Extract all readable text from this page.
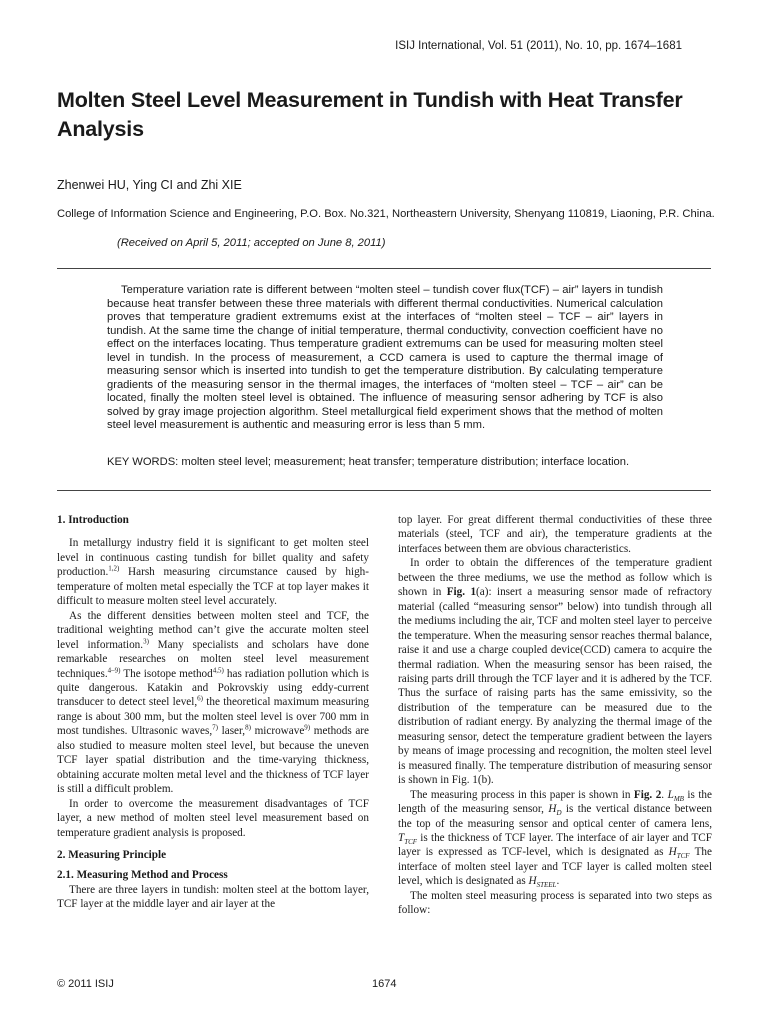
ISIJ International, Vol. 51 (2011), No. 10, pp. 1674–1681
Molten Steel Level Measurement in Tundish with Heat Transfer Analysis
Zhenwei HU, Ying CI and Zhi XIE
College of Information Science and Engineering, P.O. Box. No.321, Northeastern University, Shenyang 110819, Liaoning, P.R. China.
(Received on April 5, 2011; accepted on June 8, 2011)

Temperature variation rate is different between “molten steel – tundish cover flux(TCF) – air” layers in tundish because heat transfer between these three materials with different thermal conductivities. Numerical calculation proves that temperature gradient extremums exist at the interfaces of “molten steel – TCF – air” layers in tundish. At the same time the change of initial temperature, thermal conductivity, convection coefficient have no effect on the interfaces locating. Thus temperature gradient extremums can be used for measuring molten steel level in tundish. In the process of measurement, a CCD camera is used to capture the thermal image of measuring sensor which is inserted into tundish to get the temperature distribution. By calculating temperature gradients of the measuring sensor in the thermal images, the interfaces of “molten steel – TCF – air” can be located, finally the molten steel level is obtained. The influence of measuring sensor adhering by TCF is also solved by gray image projection algorithm. Steel metallurgical field experiment shows that the method of molten steel level measurement is authentic and measuring error is less than 5 mm.

KEY WORDS: molten steel level; measurement; heat transfer; temperature distribution; interface location.
1. Introduction

In metallurgy industry field it is significant to get molten steel level in continuous casting tundish for billet quality and safety production.$^{1,2)}$ Harsh measuring circumstance caused by high-temperature of molten metal especially the TCF at top layer makes it difficult to measure molten steel level accurately.

As the different densities between molten steel and TCF, the traditional weighting method can’t give the accurate molten steel level information.$^{3)}$ Many specialists and scholars have done remarkable researches on molten steel level measurement techniques.$^{4-9)}$ The isotope method$^{4,5)}$ has radiation pollution which is quite dangerous. Katakin and Pokrovskiy using eddy-current transducer to detect steel level,$^{6)}$ the theoretical maximum measuring range is about 300 mm, but the molten steel level is over 700 mm in most tundishes. Ultrasonic waves,$^{7)}$ laser,$^{8)}$ microwave$^{9)}$ methods are also studied to measure molten steel level, but because the uneven TCF layer spatial distribution and the time-varying thickness, obtaining accurate molten metal level and the thickness of TCF layer is still a difficult problem.

In order to overcome the measurement disadvantages of TCF layer, a new method of molten steel level measurement based on temperature gradient analysis is proposed.

2. Measuring Principle
2.1. Measuring Method and Process

There are three layers in tundish: molten steel at the bottom layer, TCF layer at the middle layer and air layer at the

top layer. For great different thermal conductivities of these three materials (steel, TCF and air), the temperature gradients at the interfaces between them are obvious characteristics.

In order to obtain the differences of the temperature gradient between the three mediums, we use the method as follow which is shown in Fig. 1(a): insert a measuring sensor made of refractory material (called “measuring sensor” below) into tundish through all the mediums including the air, TCF and molten steel layer to perceive the temperature. When the measuring sensor reaches thermal balance, raise it and use a charge coupled device(CCD) camera to acquire the thermal radiation. When the measuring sensor has been raised, the raising parts drill through the TCF layer and it is adhered by the TCF. Thus the surface of raising parts has the same emissivity, so the distribution of the temperature can be measured due to the distribution of radiant energy. By analyzing the thermal image of the measuring sensor, detect the temperature gradient between the layers by means of image processing and recognition, the molten steel level is measured finally. The temperature distribution of measuring sensor is shown in Fig. 1(b).

The measuring process in this paper is shown in Fig. 2. $L_{MB}$ is the length of the measuring sensor, $H_D$ is the vertical distance between the top of the measuring sensor and optical center of camera lens, $T_{TCF}$ is the thickness of TCF layer. The interface of air layer and TCF layer is expressed as TCF-level, which is designated as $H_{TCF}$ The interface of molten steel layer and TCF layer is called molten steel level, which is designated as $H_{STEEL}$.

The molten steel measuring process is separated into two steps as follow:

© 2011 ISIJ	1674
